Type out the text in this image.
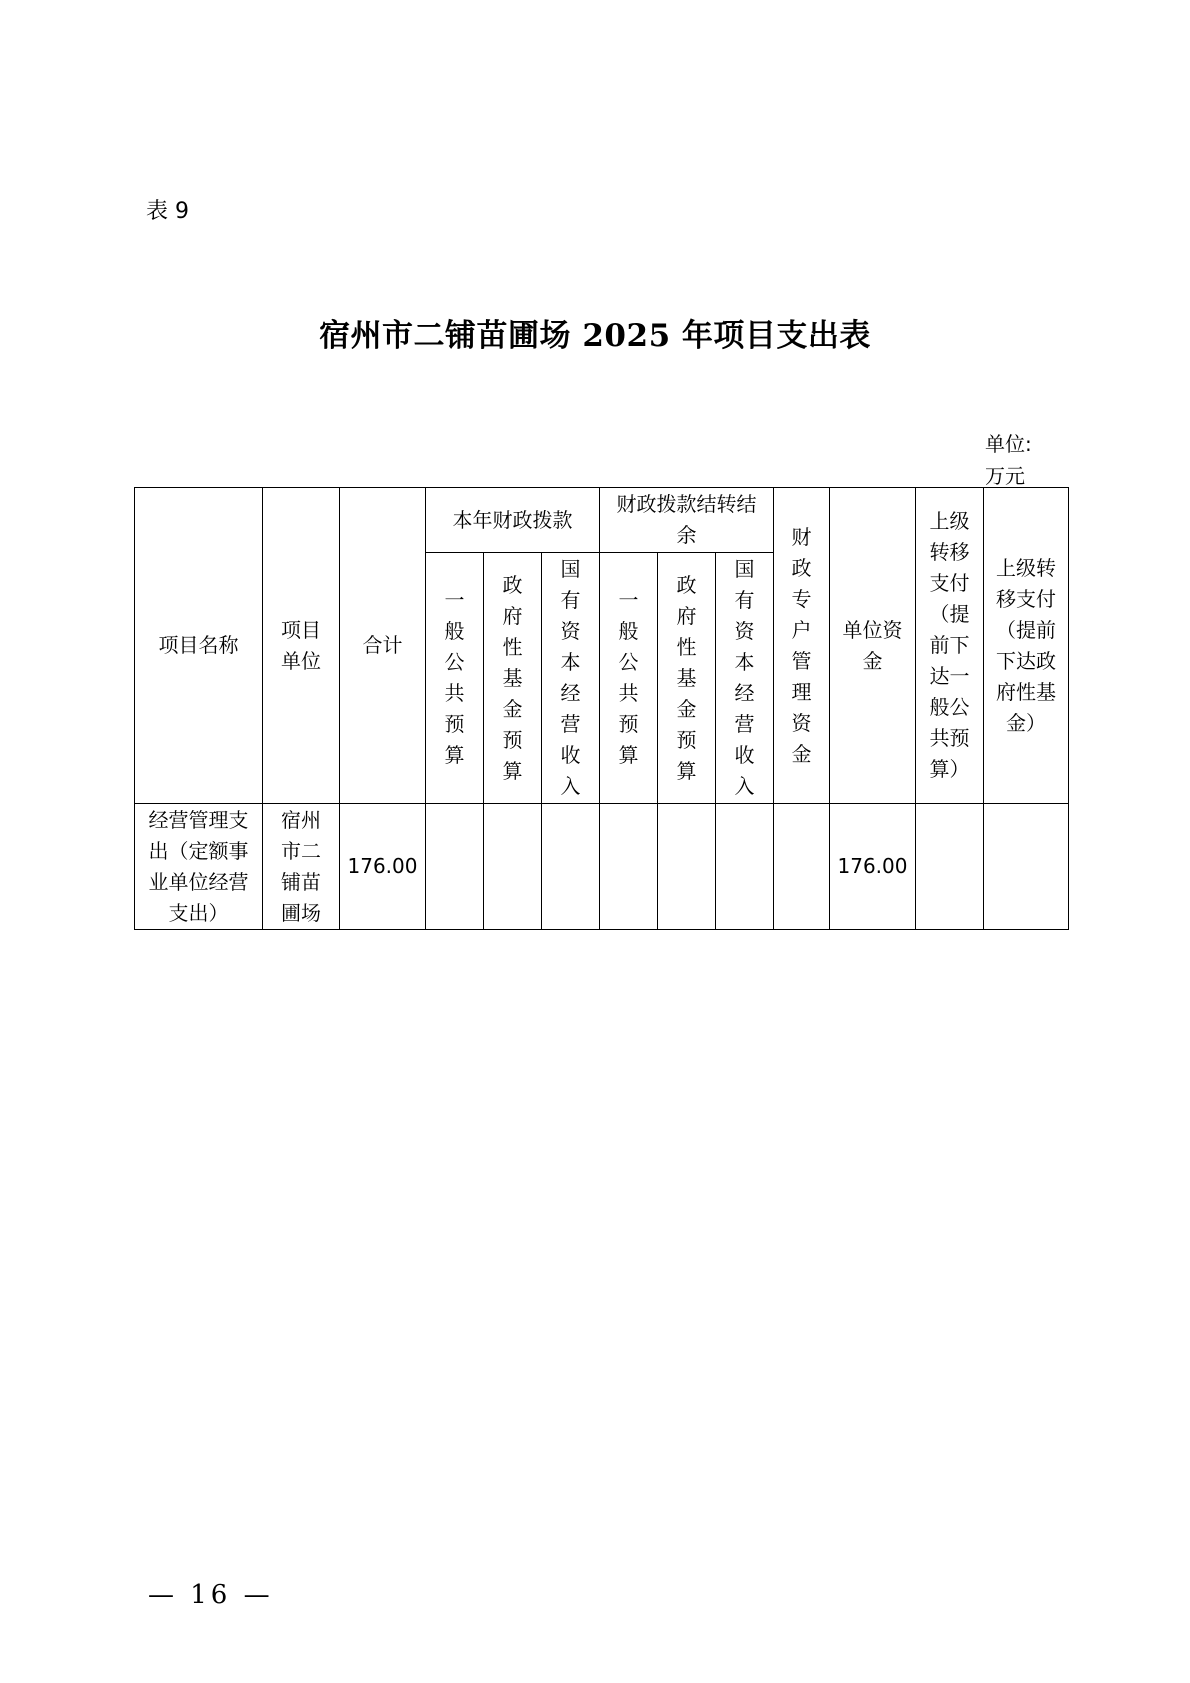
表 9
宿州市二铺苗圃场 2025 年项目支出表
单位:万元
项目名称	项目单位	合计	本年财政拨款			财政拨款结转结余			财政专户管理资金	单位资金	上级转移支付（提前下达一般公共预算）	上级转移支付（提前下达政府性基金）
			一般公共预算	政府性基金预算	国有资本经营收入	一般公共预算	政府性基金预算	国有资本经营收入				
经营管理支出（定额事业单位经营支出）	宿州市二铺苗圃场	176.00								176.00		
— 16 —
